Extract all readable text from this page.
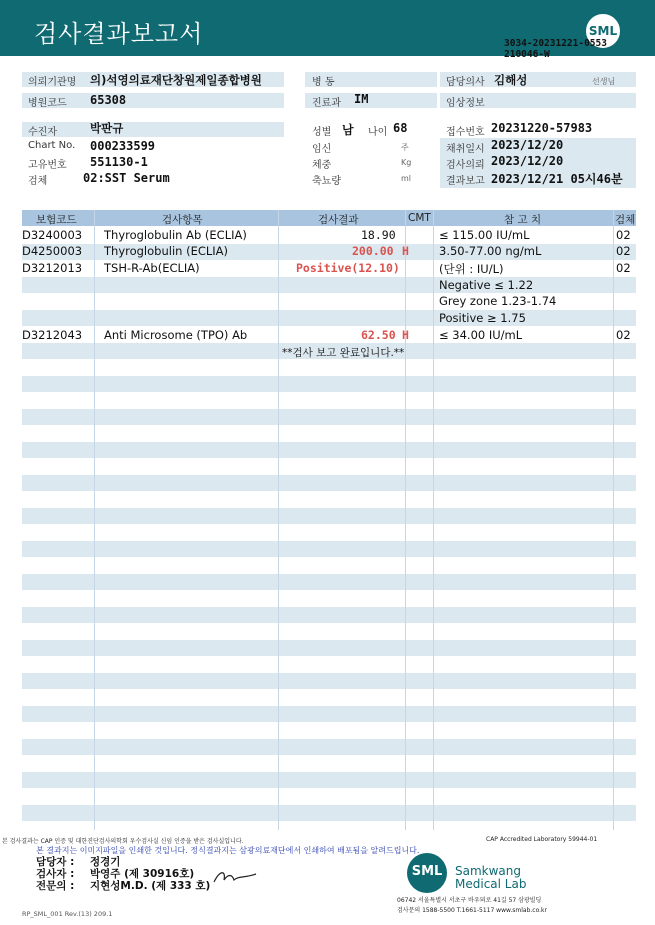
검사결과보고서	SML
3034-20231221-0553
210046-W
의뢰기관명 의)석영의료재단창원제일종합병원
병원코드 65308
병 동
진료과 IM
담당의사 김해성	선생님
임상정보
수진자	박판규
Chart No. 000233599
고유번호 551130-1
검체	02:SST Serum
성별 남 나이 68
임신	주
체중	Kg
축뇨량	ml
접수번호 20231220-57983
채취일시 2023/12/20
검사의뢰 2023/12/20
결과보고 2023/12/21 05시46분
보험코드	검사항목	검사결과	CMT	참 고 치	검체
D3240003 Thyroglobulin Ab (ECLIA)	18.90	≤ 115.00 IU/mL	02
D4250003 Thyroglobulin (ECLIA)	200.00 H	3.50-77.00 ng/mL	02
D3212013 TSH-R-Ab(ECLIA)	Positive(12.10)	(단위 : IU/L)	02
Negative ≤ 1.22
Grey zone 1.23-1.74
Positive ≥ 1.75
D3212043 Anti Microsome (TPO) Ab	62.50 H	≤ 34.00 IU/mL	02
**검사 보고 완료입니다.**
본 검사결과는 CAP 인증 및 대한진단검사의학회 우수검사실 신임 인증을 받은 검사실입니다.	CAP Accredited Laboratory 59944-01
본 결과지는 이미지파일을 인쇄한 것입니다. 정식결과지는 삼광의료재단에서 인쇄하여 배포됨을 알려드립니다.
담당자 : 정경기
검사자 : 박영주 (제 30916호)
전문의 : 지현성M.D. (제 333 호)
SML	Samkwang
Medical Lab
06742 서울특별시 서초구 바우뫼로 41길 57 삼광빌딩
검사문의 1588-5500 T.1661-5117 www.smlab.co.kr
RP_SML_001 Rev.(13) 209.1
